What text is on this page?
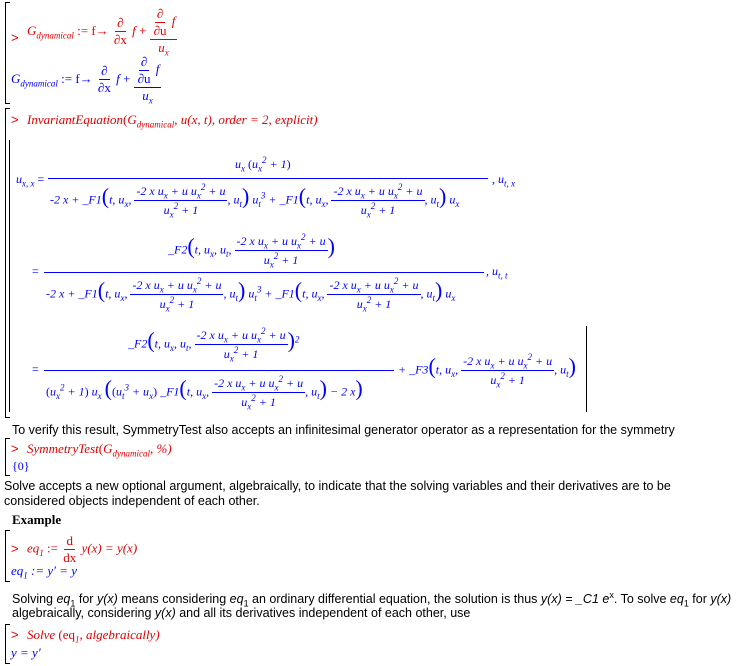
> $G_{dynamical}$ := $f\to \frac{\partial}{\partial x}$ $f + \frac{\frac{\partial}{\partial u} f}{u_x}$
$G_{dynamical}$ := $f\to \frac{\partial}{\partial x}$ $f + \frac{\frac{\partial}{\partial u} f}{u_x}$
> $InvariantEquation(G_{dynamical}$, u(x, t), order = 2, explicit)
$u_{x, x}$ =
$u_x$ $(u_x^2 + 1)$
-2 x + _F1(t, $u_x$, $\frac{-2 x u_x + u u_x^2 + u}{u_x^2 + 1}$ , $u_t$) $u_t^3$ + _F1(t, $u_x$, $\frac{-2 x u_x + u u_x^2 + u}{u_x^2 + 1}$ , $u_t$) $u_x$
, $u_{t, x}$
_F2(t, $u_x$, $u_t$, $\frac{-2 x u_x + u u_x^2 + u}{u_x^2 + 1}$ )
=
-2 x + _F1(t, $u_x$, $\frac{-2 x u_x + u u_x^2 + u}{u_x^2 + 1}$ , $u_t$) $u_t^3$ + _F1(t, $u_x$, $\frac{-2 x u_x + u u_x^2 + u}{u_x^2 + 1}$ , $u_t$) $u_x$
, $u_{t, t}$
_F2(t, $u_x$, $u_t$, $\frac{-2 x u_x + u u_x^2 + u}{u_x^2 + 1} )^2$
=
$(u_x^2 + 1)$ $u_x$ ($(u_t^3 + u_x)$ _F1(t, $u_x$, $\frac{-2 x u_x + u u_x^2 + u}{u_x^2 + 1}$ , $u_t) - 2$ x)
+ _F3(t, $u_x$, $\frac{-2 x u_x + u u_x^2 + u}{u_x^2 + 1}$ , $u_t$)
To verify this result, SymmetryTest also accepts an infinitesimal generator operator as a representation for the symmetry
> $SymmetryTest(G_{dynamical}$, %)
{0}
Solve accepts a new optional argument, algebraically, to indicate that the solving variables and their derivatives are to be considered objects independent of each other.
Example
> $eq_1$ := $\frac{d}{dx} y(x) = y(x)$
$eq_1$ := y′ = y
Solving $eq_1$ for y(x) means considering $eq_1$ an ordinary differential equation, the solution is thus y(x) = _C1 $e^x$. To solve $eq_1$ for y(x)
algebraically, considering y(x) and all its derivatives independent of each other, use
> Solve ($eq_1$, algebraically)
y = y′
